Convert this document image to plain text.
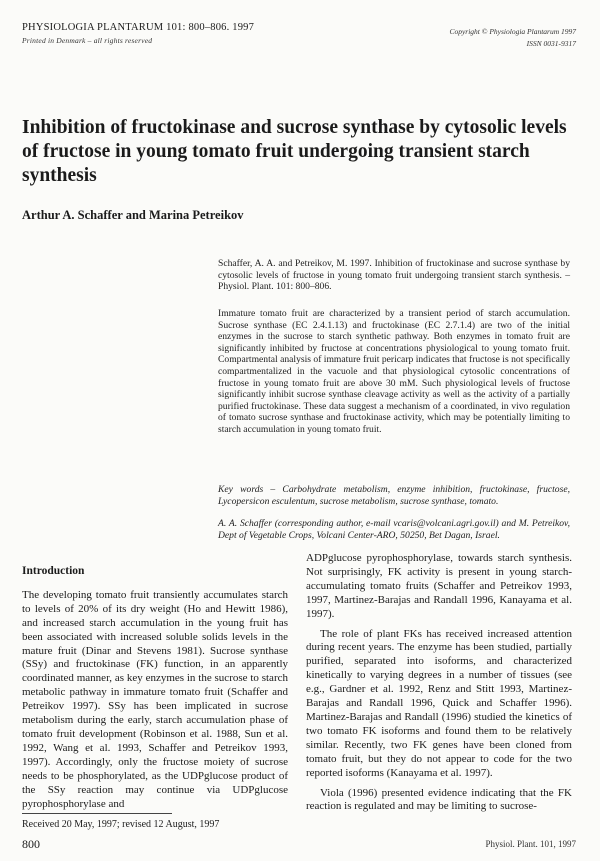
PHYSIOLOGIA PLANTARUM 101: 800–806. 1997
Printed in Denmark – all rights reserved
Copyright © Physiologia Plantarum 1997
ISSN 0031-9317
Inhibition of fructokinase and sucrose synthase by cytosolic levels of fructose in young tomato fruit undergoing transient starch synthesis
Arthur A. Schaffer and Marina Petreikov
Schaffer, A. A. and Petreikov, M. 1997. Inhibition of fructokinase and sucrose synthase by cytosolic levels of fructose in young tomato fruit undergoing transient starch synthesis. – Physiol. Plant. 101: 800–806.
Immature tomato fruit are characterized by a transient period of starch accumulation. Sucrose synthase (EC 2.4.1.13) and fructokinase (EC 2.7.1.4) are two of the initial enzymes in the sucrose to starch synthetic pathway. Both enzymes in tomato fruit are significantly inhibited by fructose at concentrations physiological to young tomato fruit. Compartmental analysis of immature fruit pericarp indicates that fructose is not specifically compartmentalized in the vacuole and that physiological cytosolic concentrations of fructose in young tomato fruit are above 30 mM. Such physiological levels of fructose significantly inhibit sucrose synthase cleavage activity as well as the activity of a partially purified fructokinase. These data suggest a mechanism of a coordinated, in vivo regulation of tomato sucrose synthase and fructokinase activity, which may be potentially limiting to starch accumulation in young tomato fruit.
Key words – Carbohydrate metabolism, enzyme inhibition, fructokinase, fructose, Lycopersicon esculentum, sucrose metabolism, sucrose synthase, tomato.
A. A. Schaffer (corresponding author, e-mail vcaris@volcani.agri.gov.il) and M. Petreikov, Dept of Vegetable Crops, Volcani Center-ARO, 50250, Bet Dagan, Israel.
Introduction

The developing tomato fruit transiently accumulates starch to levels of 20% of its dry weight (Ho and Hewitt 1986), and increased starch accumulation in the young fruit has been associated with increased soluble solids levels in the mature fruit (Dinar and Stevens 1981). Sucrose synthase (SSy) and fructokinase (FK) function, in an apparently coordinated manner, as key enzymes in the sucrose to starch metabolic pathway in immature tomato fruit (Schaffer and Petreikov 1997). SSy has been implicated in sucrose metabolism during the early, starch accumulation phase of tomato fruit development (Robinson et al. 1988, Sun et al. 1992, Wang et al. 1993, Schaffer and Petreikov 1993, 1997). Accordingly, only the fructose moiety of sucrose needs to be phosphorylated, as the UDPglucose product of the SSy reaction may continue via UDPglucose pyrophosphorylase and

ADPglucose pyrophosphorylase, towards starch synthesis. Not surprisingly, FK activity is present in young starch-accumulating tomato fruits (Schaffer and Petreikov 1993, 1997, Martinez-Barajas and Randall 1996, Kanayama et al. 1997).

The role of plant FKs has received increased attention during recent years. The enzyme has been studied, partially purified, separated into isoforms, and characterized kinetically to varying degrees in a number of tissues (see e.g., Gardner et al. 1992, Renz and Stitt 1993, Martinez-Barajas and Randall 1996, Quick and Schaffer 1996). Martinez-Barajas and Randall (1996) studied the kinetics of two tomato FK isoforms and found them to be relatively similar. Recently, two FK genes have been cloned from tomato fruit, but they do not appear to code for the two reported isoforms (Kanayama et al. 1997).

Viola (1996) presented evidence indicating that the FK reaction is regulated and may be limiting to sucrose-

Received 20 May, 1997; revised 12 August, 1997
800	Physiol. Plant. 101, 1997
